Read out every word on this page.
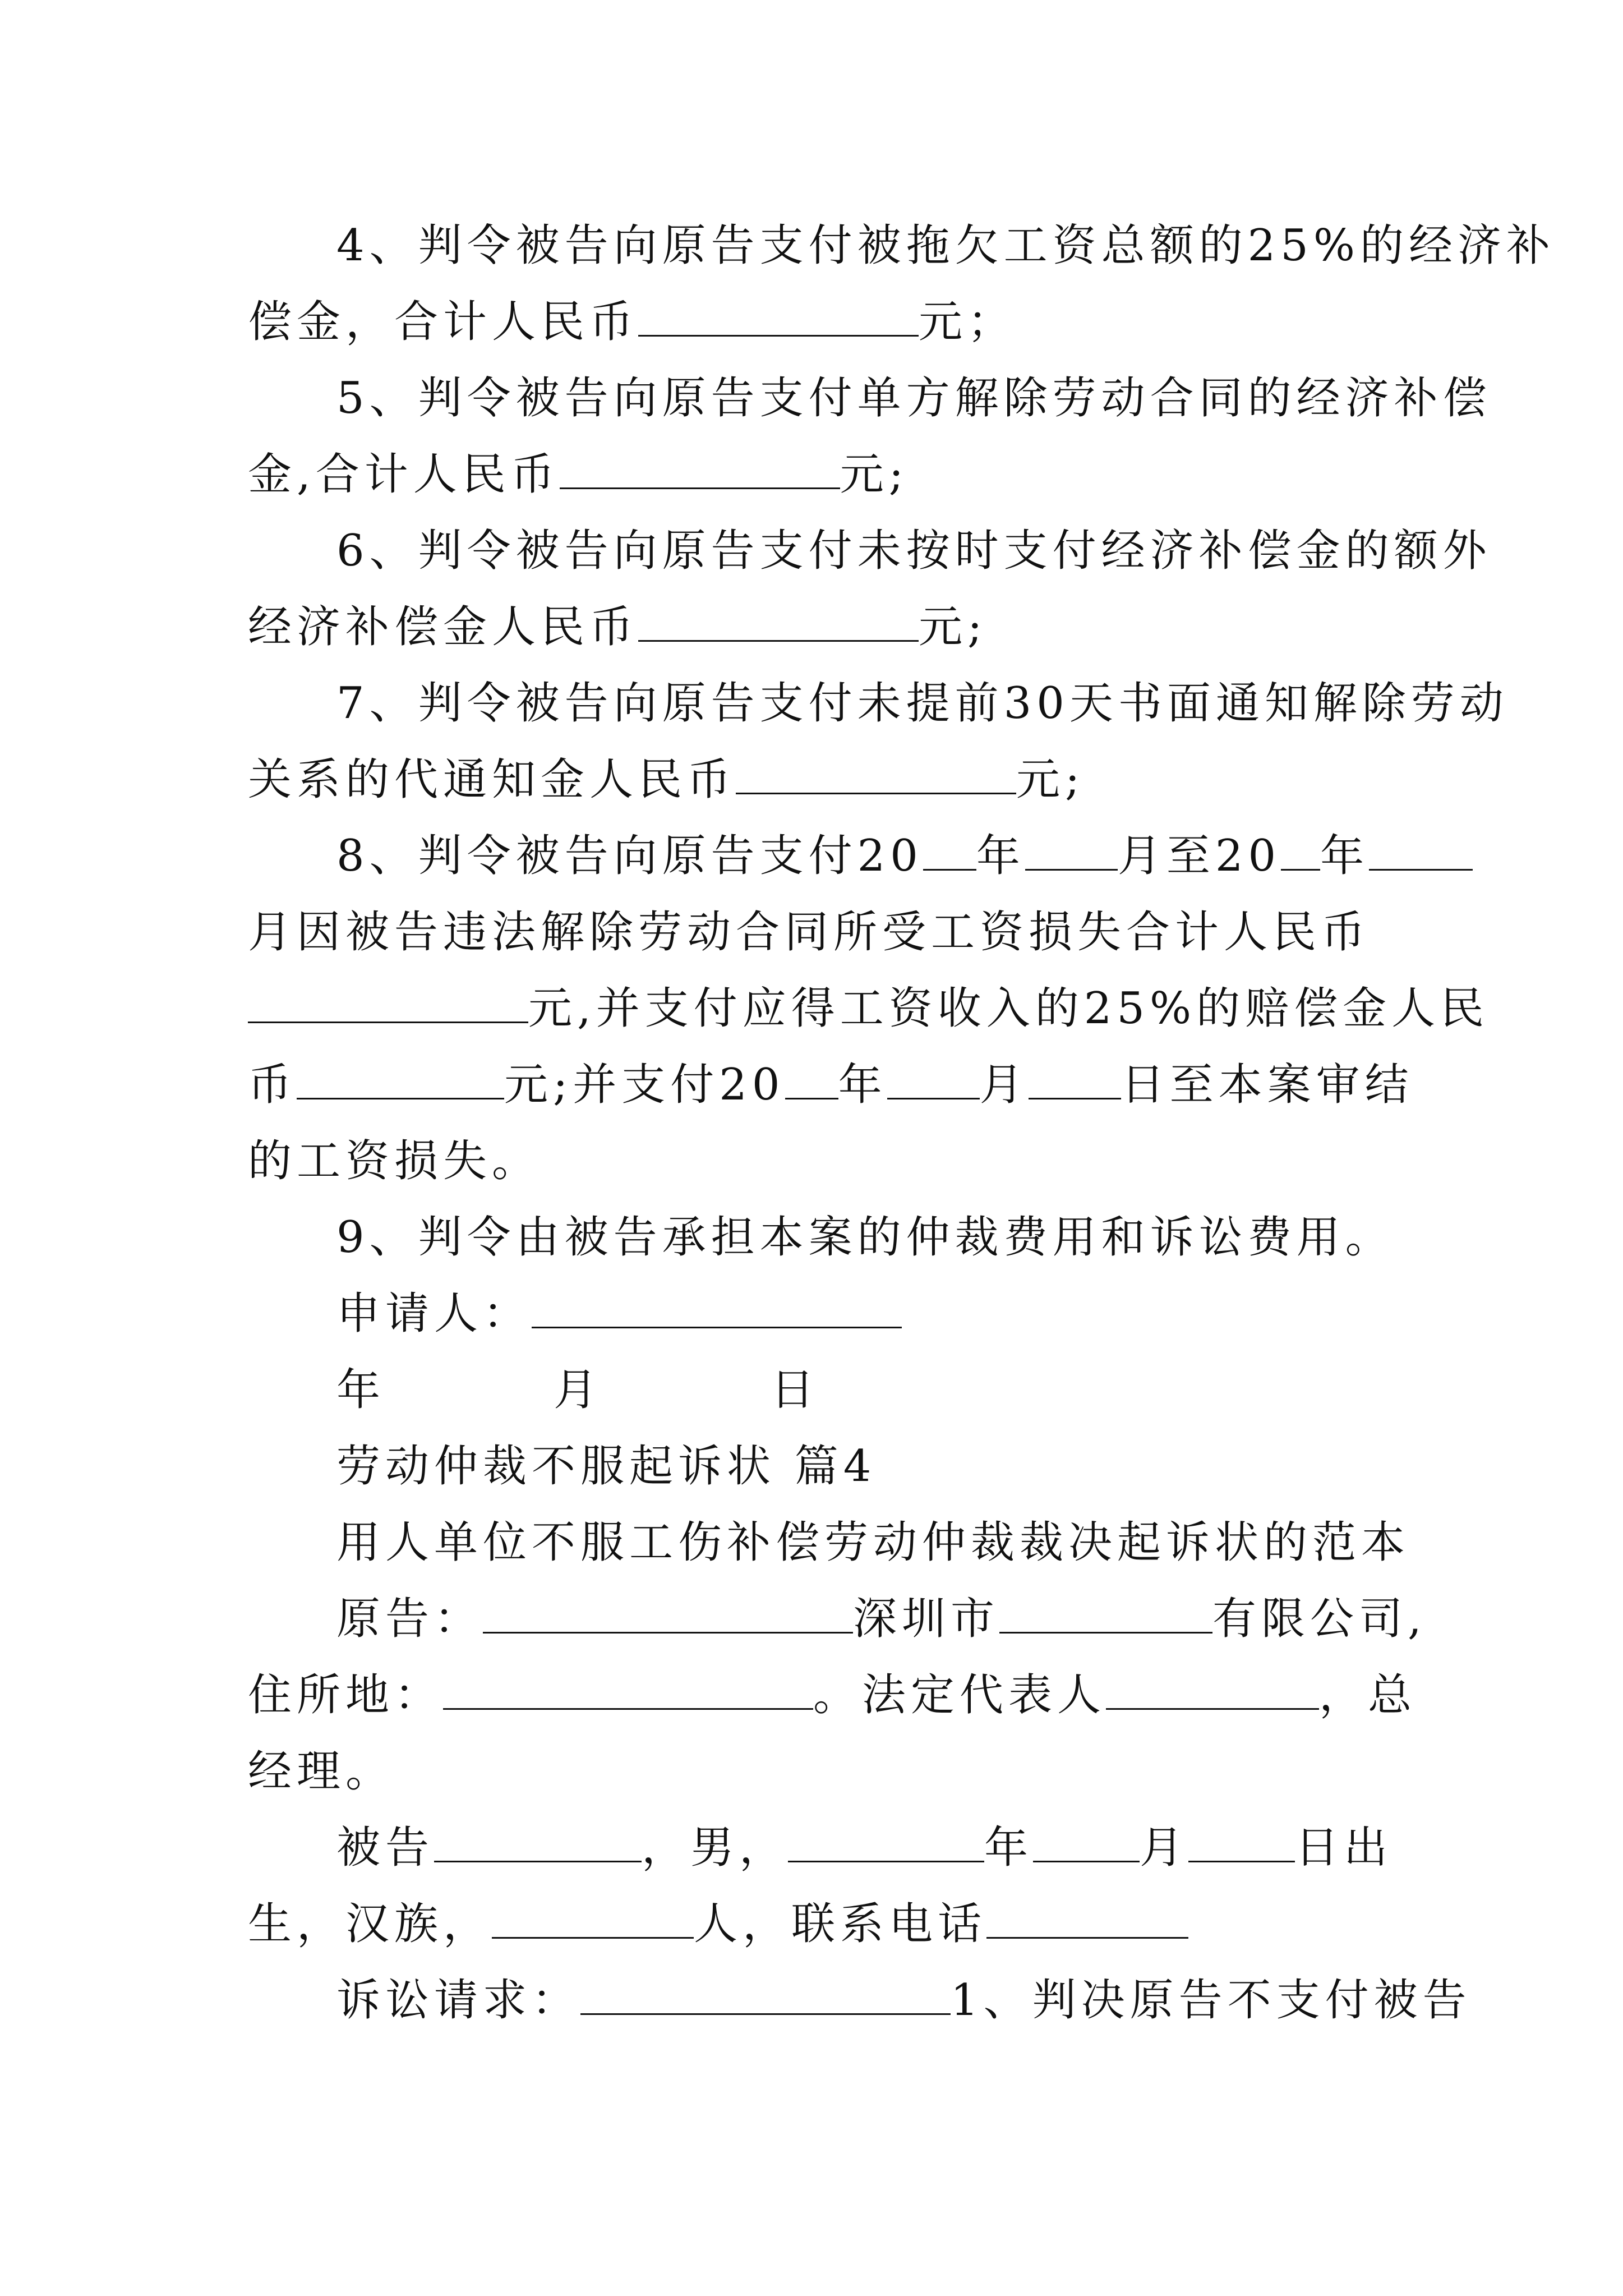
4、判令被告向原告支付被拖欠工资总额的25%的经济补
偿金，合计人民币	元；
5、判令被告向原告支付单方解除劳动合同的经济补偿
金,合计人民币	元;
6、判令被告向原告支付未按时支付经济补偿金的额外
经济补偿金人民币	元;
7、判令被告向原告支付未提前30天书面通知解除劳动
关系的代通知金人民币	元;
8、判令被告向原告支付20 年 月至20 年
月因被告违法解除劳动合同所受工资损失合计人民币
元,并支付应得工资收入的25%的赔偿金人民
币	元;并支付20 年 月 日至本案审结
的工资损失。
9、判令由被告承担本案的仲裁费用和诉讼费用。
申请人：
年	月	日
劳动仲裁不服起诉状 篇4
用人单位不服工伤补偿劳动仲裁裁决起诉状的范本
原告：	深圳市	有限公司,
住所地：	。法定代表人	，总
经理。
被告	，男，	年 月 日出
生，汉族，	人，联系电话
诉讼请求：	1、判决原告不支付被告
